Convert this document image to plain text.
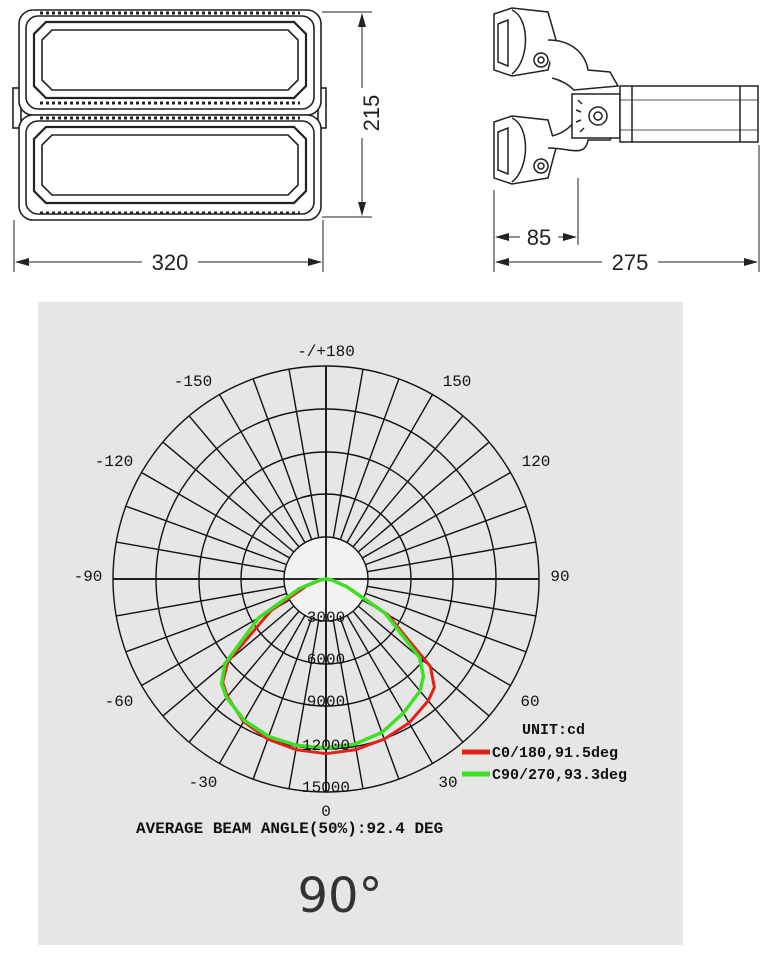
215
320
85
275
-/+180
-150	150
-120	120
-90	90
-60	60
-30	30
0
3000
6000
9000
12000
15000
UNIT:cd
C0/180,91.5deg
C90/270,93.3deg
AVERAGE BEAM ANGLE(50%):92.4 DEG
90°
